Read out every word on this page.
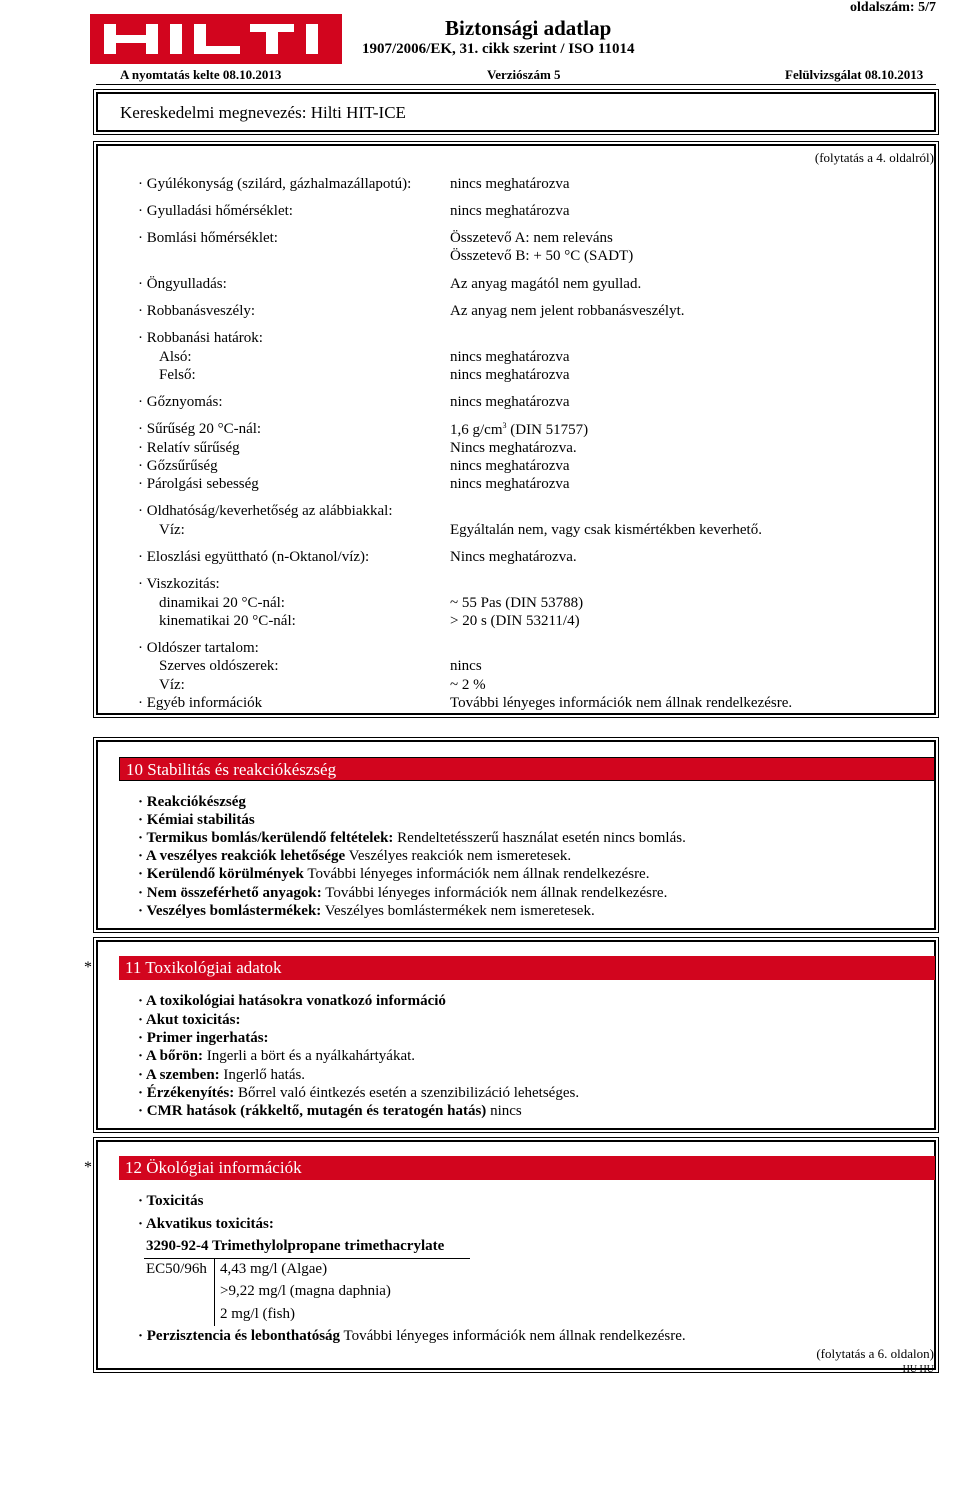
Biztonsági adatlap
1907/2006/EK, 31. cikk szerint / ISO 11014
oldalszám: 5/7
A nyomtatás kelte 08.10.2013	Verziószám 5	Felülvizsgálat 08.10.2013
Kereskedelmi megnevezés: Hilti HIT-ICE
(folytatás a 4. oldalról)
· Gyúlékonyság (szilárd, gázhalmazállapotú):	nincs meghatározva
· Gyulladási hőmérséklet:	nincs meghatározva
· Bomlási hőmérséklet:	Összetevő A: nem releváns
Összetevő B: + 50 °C (SADT)
· Öngyulladás:	Az anyag magától nem gyullad.
· Robbanásveszély:	Az anyag nem jelent robbanásveszélyt.
· Robbanási határok:
Alsó:	nincs meghatározva
Felső:	nincs meghatározva
· Gőznyomás:	nincs meghatározva
· Sűrűség 20 °C-nál:	1,6 $g/cm^3$ (DIN 51757)
· Relatív sűrűség	Nincs meghatározva.
· Gőzsűrűség	nincs meghatározva
· Párolgási sebesség	nincs meghatározva
· Oldhatóság/keverhetőség az alábbiakkal:
Víz:	Egyáltalán nem, vagy csak kismértékben keverhető.
· Eloszlási együttható (n-Oktanol/víz):	Nincs meghatározva.
· Viszkozitás:
dinamikai 20 °C-nál:	~ 55 Pas (DIN 53788)
kinematikai 20 °C-nál:	> 20 s (DIN 53211/4)
· Oldószer tartalom:
Szerves oldószerek:	nincs
Víz:	~ 2 %
· Egyéb információk	További lényeges információk nem állnak rendelkezésre.
10 Stabilitás és reakciókészség
· Reakciókészség
· Kémiai stabilitás
· Termikus bomlás/kerülendő feltételek: Rendeltetésszerű használat esetén nincs bomlás.
· A veszélyes reakciók lehetősége Veszélyes reakciók nem ismeretesek.
· Kerülendő körülmények További lényeges információk nem állnak rendelkezésre.
· Nem összeférhető anyagok: További lényeges információk nem állnak rendelkezésre.
· Veszélyes bomlástermékek: Veszélyes bomlástermékek nem ismeretesek.
*	11 Toxikológiai adatok
· A toxikológiai hatásokra vonatkozó információ
· Akut toxicitás:
· Primer ingerhatás:
· A bőrön: Ingerli a bört és a nyálkahártyákat.
· A szemben: Ingerlő hatás.
· Érzékenyítés: Bőrrel való éintkezés esetén a szenzibilizáció lehetséges.
· CMR hatások (rákkeltő, mutagén és teratogén hatás) nincs
*	12 Ökológiai információk
· Toxicitás
· Akvatikus toxicitás:
3290-92-4 Trimethylolpropane trimethacrylate
EC50/96h 4,43 mg/l (Algae)
>9,22 mg/l (magna daphnia)
2 mg/l (fish)
· Perzisztencia és lebonthatóság További lényeges információk nem állnak rendelkezésre.
(folytatás a 6. oldalon)
HU HU
